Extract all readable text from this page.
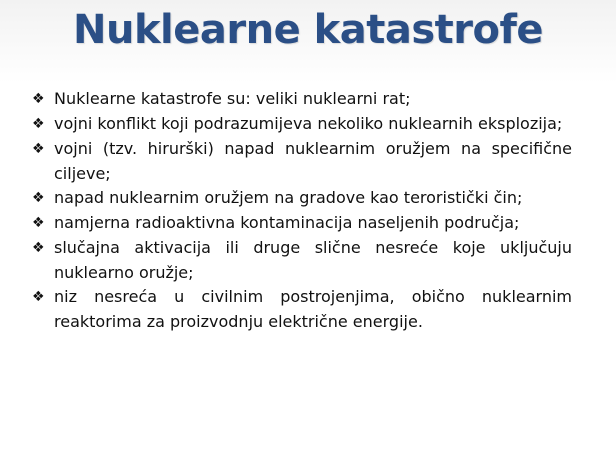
Nuklearne katastrofe
❖ Nuklearne katastrofe su: veliki nuklearni rat;
❖ vojni konflikt koji podrazumijeva nekoliko nuklearnih eksplozija;
❖ vojni (tzv. hirurški) napad nuklearnim oružjem na specifične ciljeve;
❖ napad nuklearnim oružjem na gradove kao teroristički čin;
❖ namjerna radioaktivna kontaminacija naseljenih područja;
❖ slučajna aktivacija ili druge slične nesreće koje uključuju nuklearno oružje;
❖ niz nesreća u civilnim postrojenjima, obično nuklearnim reaktorima za proizvodnju električne energije.
